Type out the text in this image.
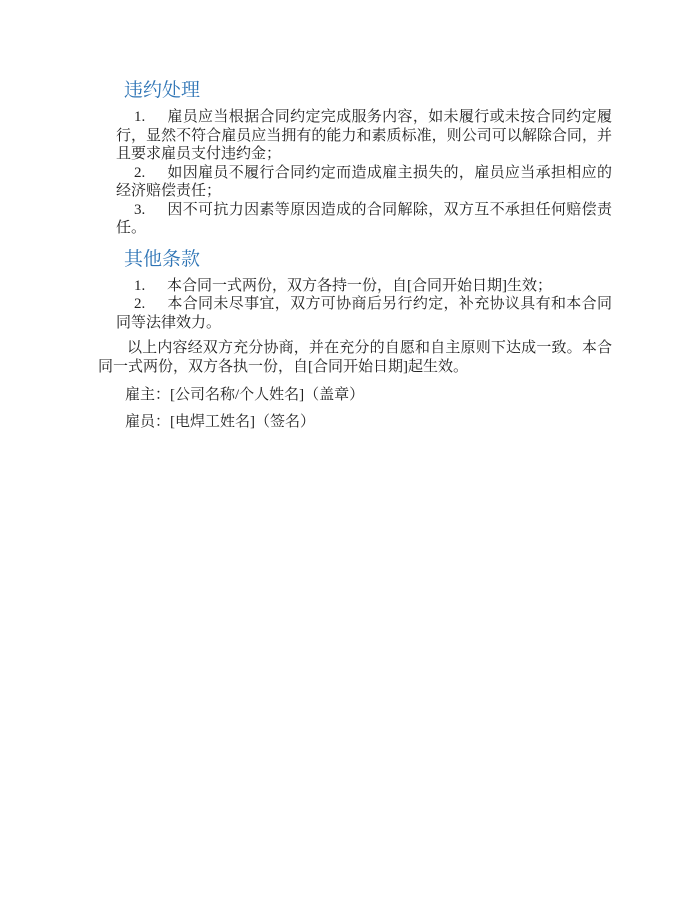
违约处理
1. 雇员应当根据合同约定完成服务内容，如未履行或未按合同约定履行，显然不符合雇员应当拥有的能力和素质标准，则公司可以解除合同，并且要求雇员支付违约金；
2. 如因雇员不履行合同约定而造成雇主损失的，雇员应当承担相应的经济赔偿责任；
3. 因不可抗力因素等原因造成的合同解除，双方互不承担任何赔偿责任。
其他条款
1. 本合同一式两份，双方各持一份，自[合同开始日期]生效；
2. 本合同未尽事宜，双方可协商后另行约定，补充协议具有和本合同同等法律效力。

以上内容经双方充分协商，并在充分的自愿和自主原则下达成一致。本合同一式两份，双方各执一份，自[合同开始日期]起生效。

雇主：[公司名称/个人姓名]（盖章）

雇员：[电焊工姓名]（签名）
